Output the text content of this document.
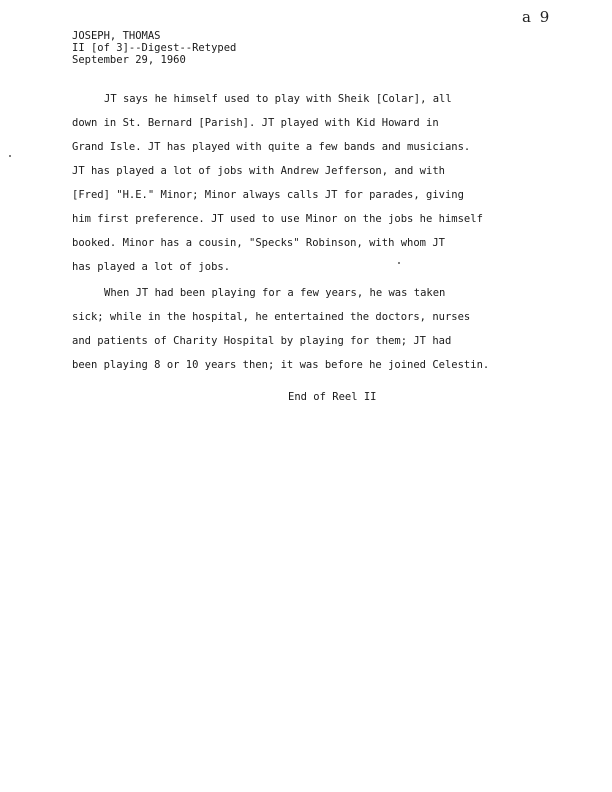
a 9
JOSEPH, THOMAS
II [of 3]--Digest--Retyped
September 29, 1960
JT says he himself used to play with Sheik [Colar], all
down in St. Bernard [Parish]. JT played with Kid Howard in
Grand Isle. JT has played with quite a few bands and musicians.
JT has played a lot of jobs with Andrew Jefferson, and with
[Fred] "H.E." Minor; Minor always calls JT for parades, giving
him first preference. JT used to use Minor on the jobs he himself
booked. Minor has a cousin, "Specks" Robinson, with whom JT
has played a lot of jobs.
When JT had been playing for a few years, he was taken
sick; while in the hospital, he entertained the doctors, nurses
and patients of Charity Hospital by playing for them; JT had
been playing 8 or 10 years then; it was before he joined Celestin.
End of Reel II
